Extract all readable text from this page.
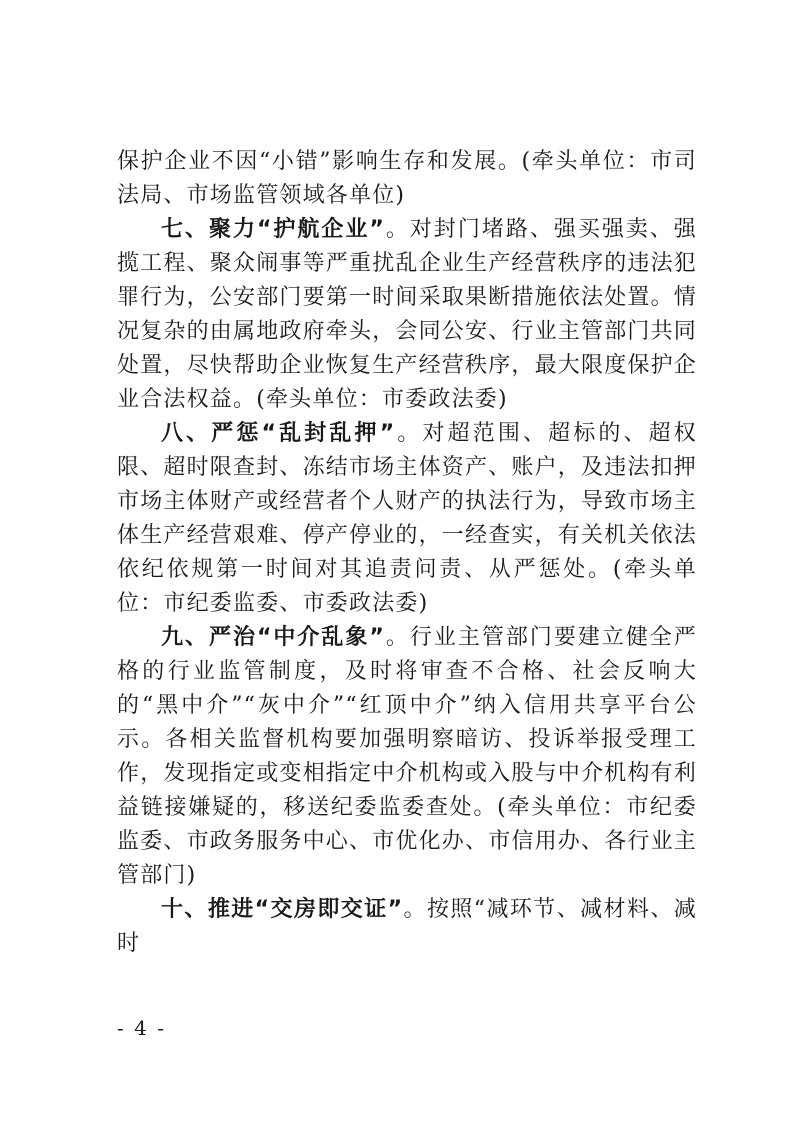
保护企业不因“小错”影响生存和发展。(牵头单位：市司法局、市场监管领域各单位)

七、聚力“护航企业”。对封门堵路、强买强卖、强揽工程、聚众闹事等严重扰乱企业生产经营秩序的违法犯罪行为，公安部门要第一时间采取果断措施依法处置。情况复杂的由属地政府牵头，会同公安、行业主管部门共同处置，尽快帮助企业恢复生产经营秩序，最大限度保护企业合法权益。(牵头单位：市委政法委)

八、严惩“乱封乱押”。对超范围、超标的、超权限、超时限查封、冻结市场主体资产、账户，及违法扣押市场主体财产或经营者个人财产的执法行为，导致市场主体生产经营艰难、停产停业的，一经查实，有关机关依法依纪依规第一时间对其追责问责、从严惩处。(牵头单位：市纪委监委、市委政法委)

九、严治“中介乱象”。行业主管部门要建立健全严格的行业监管制度，及时将审查不合格、社会反响大的“黑中介”“灰中介”“红顶中介”纳入信用共享平台公示。各相关监督机构要加强明察暗访、投诉举报受理工作，发现指定或变相指定中介机构或入股与中介机构有利益链接嫌疑的，移送纪委监委查处。(牵头单位：市纪委监委、市政务服务中心、市优化办、市信用办、各行业主管部门)

十、推进“交房即交证”。按照“减环节、减材料、减时

- 4 -
